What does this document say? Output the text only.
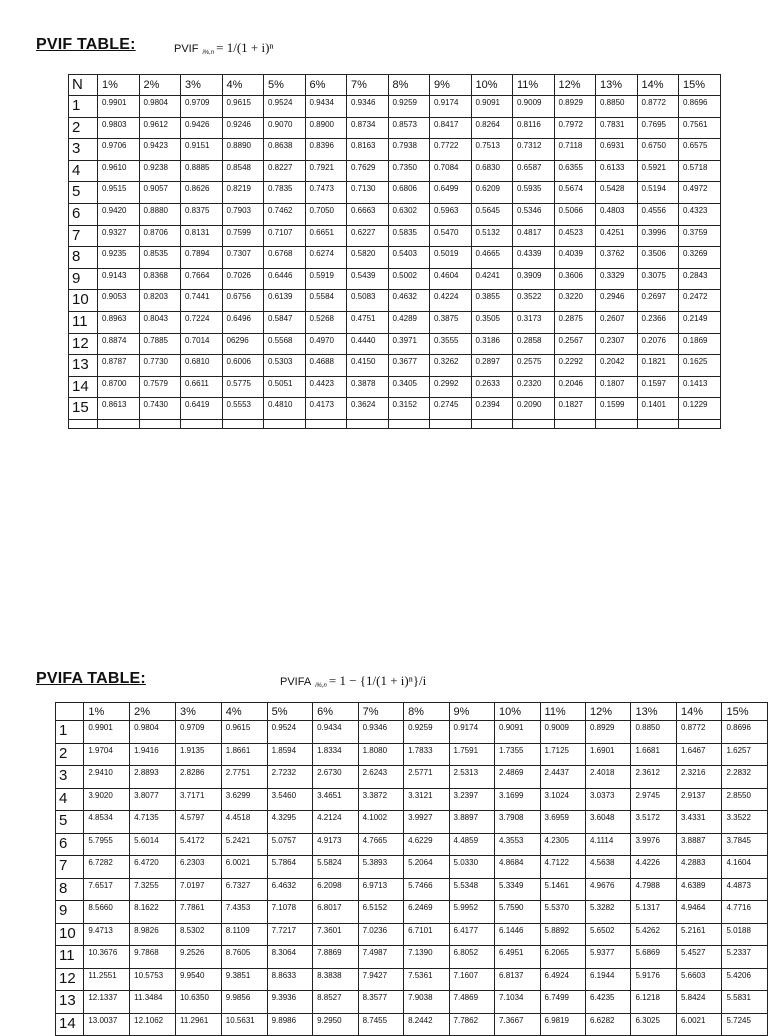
PVIF TABLE:	PVIF $_{i\%,n}$ = 1/(1 + i)ⁿ
N	1%	2%	3%	4%	5%	6%	7%	8%	9%	10%	11%	12%	13%	14%	15%
1	0.9901	0.9804	0.9709	0.9615	0.9524	0.9434	0.9346	0.9259	0.9174	0.9091	0.9009	0.8929	0.8850	0.8772	0.8696
2	0.9803	0.9612	0.9426	0.9246	0.9070	0.8900	0.8734	0.8573	0.8417	0.8264	0.8116	0.7972	0.7831	0.7695	0.7561
3	0.9706	0.9423	0.9151	0.8890	0.8638	0.8396	0.8163	0.7938	0.7722	0.7513	0.7312	0.7118	0.6931	0.6750	0.6575
4	0.9610	0.9238	0.8885	0.8548	0.8227	0.7921	0.7629	0.7350	0.7084	0.6830	0.6587	0.6355	0.6133	0.5921	0.5718
5	0.9515	0.9057	0.8626	0.8219	0.7835	0.7473	0.7130	0.6806	0.6499	0.6209	0.5935	0.5674	0.5428	0.5194	0.4972
6	0.9420	0.8880	0.8375	0.7903	0.7462	0.7050	0.6663	0.6302	0.5963	0.5645	0.5346	0.5066	0.4803	0.4556	0.4323
7	0.9327	0.8706	0.8131	0.7599	0.7107	0.6651	0.6227	0.5835	0.5470	0.5132	0.4817	0.4523	0.4251	0.3996	0.3759
8	0.9235	0.8535	0.7894	0.7307	0.6768	0.6274	0.5820	0.5403	0.5019	0.4665	0.4339	0.4039	0.3762	0.3506	0.3269
9	0.9143	0.8368	0.7664	0.7026	0.6446	0.5919	0.5439	0.5002	0.4604	0.4241	0.3909	0.3606	0.3329	0.3075	0.2843
10	0.9053	0.8203	0.7441	0.6756	0.6139	0.5584	0.5083	0.4632	0.4224	0.3855	0.3522	0.3220	0.2946	0.2697	0.2472
11	0.8963	0.8043	0.7224	0.6496	0.5847	0.5268	0.4751	0.4289	0.3875	0.3505	0.3173	0.2875	0.2607	0.2366	0.2149
12	0.8874	0.7885	0.7014	06296	0.5568	0.4970	0.4440	0.3971	0.3555	0.3186	0.2858	0.2567	0.2307	0.2076	0.1869
13	0.8787	0.7730	0.6810	0.6006	0.5303	0.4688	0.4150	0.3677	0.3262	0.2897	0.2575	0.2292	0.2042	0.1821	0.1625
14	0.8700	0.7579	0.6611	0.5775	0.5051	0.4423	0.3878	0.3405	0.2992	0.2633	0.2320	0.2046	0.1807	0.1597	0.1413
15	0.8613	0.7430	0.6419	0.5553	0.4810	0.4173	0.3624	0.3152	0.2745	0.2394	0.2090	0.1827	0.1599	0.1401	0.1229

PVIFA TABLE:	PVIFA $_{i\%,n}$ = 1 − {1/(1 + i)ⁿ}/i
	1%	2%	3%	4%	5%	6%	7%	8%	9%	10%	11%	12%	13%	14%	15%
1	0.9901	0.9804	0.9709	0.9615	0.9524	0.9434	0.9346	0.9259	0.9174	0.9091	0.9009	0.8929	0.8850	0.8772	0.8696
2	1.9704	1.9416	1.9135	1.8661	1.8594	1.8334	1.8080	1.7833	1.7591	1.7355	1.7125	1.6901	1.6681	1.6467	1.6257
3	2.9410	2.8893	2.8286	2.7751	2.7232	2.6730	2.6243	2.5771	2.5313	2.4869	2.4437	2.4018	2.3612	2.3216	2.2832
4	3.9020	3.8077	3.7171	3.6299	3.5460	3.4651	3.3872	3.3121	3.2397	3.1699	3.1024	3.0373	2.9745	2.9137	2.8550
5	4.8534	4.7135	4.5797	4.4518	4.3295	4.2124	4.1002	3.9927	3.8897	3.7908	3.6959	3.6048	3.5172	3.4331	3.3522
6	5.7955	5.6014	5.4172	5.2421	5.0757	4.9173	4.7665	4.6229	4.4859	4.3553	4.2305	4.1114	3.9976	3.8887	3.7845
7	6.7282	6.4720	6.2303	6.0021	5.7864	5.5824	5.3893	5.2064	5.0330	4.8684	4.7122	4.5638	4.4226	4.2883	4.1604
8	7.6517	7.3255	7.0197	6.7327	6.4632	6.2098	6.9713	5.7466	5.5348	5.3349	5.1461	4.9676	4.7988	4.6389	4.4873
9	8.5660	8.1622	7.7861	7.4353	7.1078	6.8017	6.5152	6.2469	5.9952	5.7590	5.5370	5.3282	5.1317	4.9464	4.7716
10	9.4713	8.9826	8.5302	8.1109	7.7217	7.3601	7.0236	6.7101	6.4177	6.1446	5.8892	5.6502	5.4262	5.2161	5.0188
11	10.3676	9.7868	9.2526	8.7605	8.3064	7.8869	7.4987	7.1390	6.8052	6.4951	6.2065	5.9377	5.6869	5.4527	5.2337
12	11.2551	10.5753	9.9540	9.3851	8.8633	8.3838	7.9427	7.5361	7.1607	6.8137	6.4924	6.1944	5.9176	5.6603	5.4206
13	12.1337	11.3484	10.6350	9.9856	9.3936	8.8527	8.3577	7.9038	7.4869	7.1034	6.7499	6.4235	6.1218	5.8424	5.5831
14	13.0037	12.1062	11.2961	10.5631	9.8986	9.2950	8.7455	8.2442	7.7862	7.3667	6.9819	6.6282	6.3025	6.0021	5.7245
